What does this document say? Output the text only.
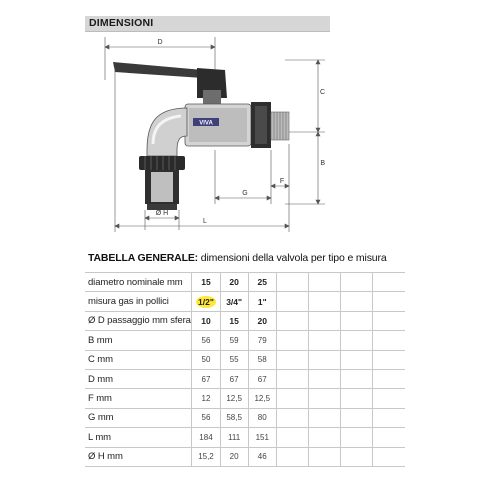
DIMENSIONI
D
C
B
VIVA
G
F
Ø H
L
TABELLA GENERALE: dimensioni della valvola per tipo e misura
diametro nominale mm	15	20	25				
misura gas in pollici	1/2"	3/4"	1"				
Ø D passaggio mm sfera	10	15	20				
B mm	56	59	79				
C mm	50	55	58				
D mm	67	67	67				
F mm	12	12,5	12,5				
G mm	56	58,5	80				
L mm	184	111	151				
Ø H mm	15,2	20	46				
